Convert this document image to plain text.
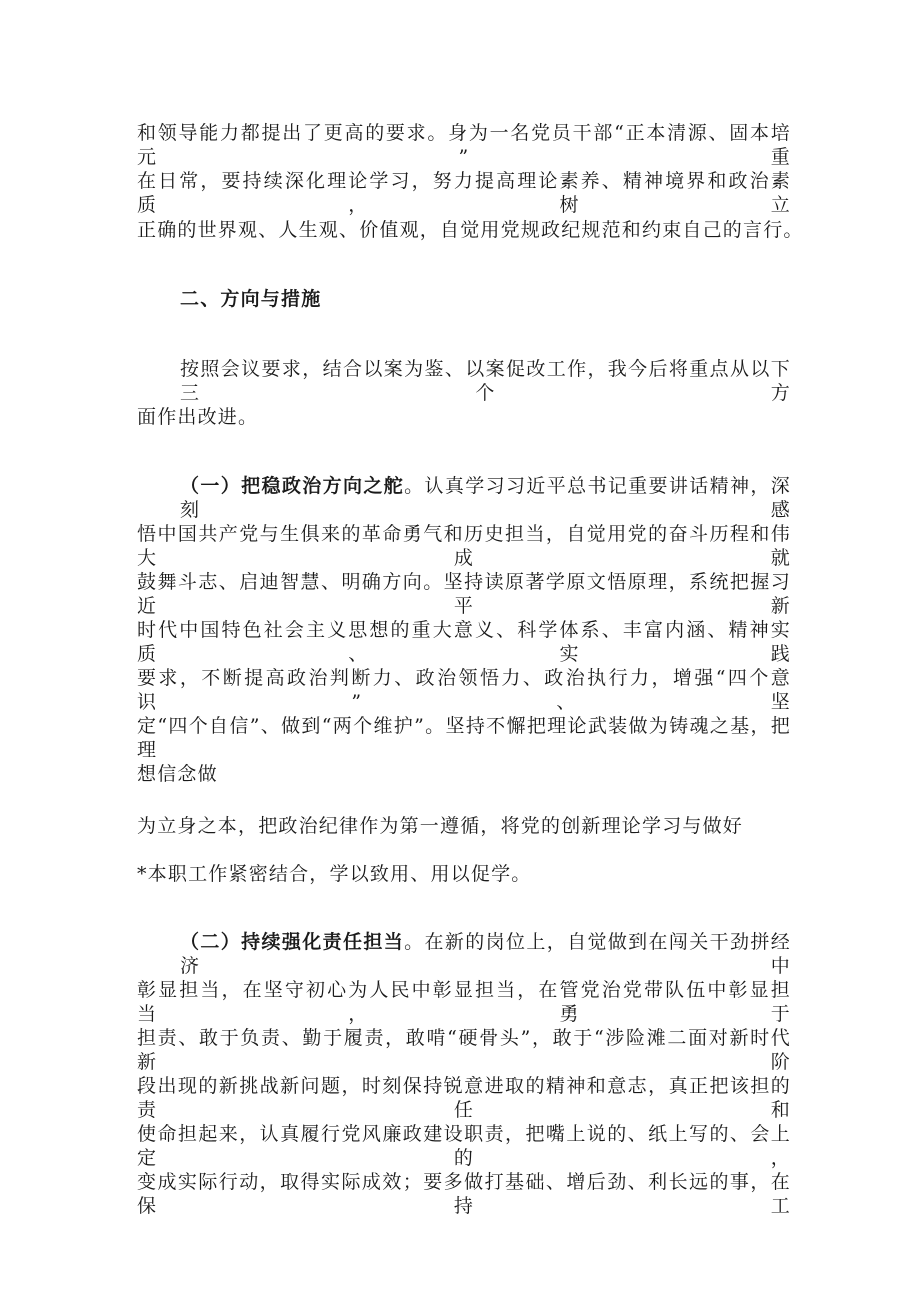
和领导能力都提出了更高的要求。身为一名党员干部“正本清源、固本培元”重
在日常，要持续深化理论学习，努力提高理论素养、精神境界和政治素质，树立
正确的世界观、人生观、价值观，自觉用党规政纪规范和约束自己的言行。
二、方向与措施
按照会议要求，结合以案为鉴、以案促改工作，我今后将重点从以下三个方
面作出改进。
（一）把稳政治方向之舵。认真学习习近平总书记重要讲话精神，深刻感
悟中国共产党与生俱来的革命勇气和历史担当，自觉用党的奋斗历程和伟大成就
鼓舞斗志、启迪智慧、明确方向。坚持读原著学原文悟原理，系统把握习近平新
时代中国特色社会主义思想的重大意义、科学体系、丰富内涵、精神实质、实践
要求，不断提高政治判断力、政治领悟力、政治执行力，增强“四个意识”、坚
定“四个自信”、做到“两个维护”。坚持不懈把理论武装做为铸魂之基，把理
想信念做
为立身之本，把政治纪律作为第一遵循，将党的创新理论学习与做好
*本职工作紧密结合，学以致用、用以促学。
（二）持续强化责任担当。在新的岗位上，自觉做到在闯关干劲拼经济中
彰显担当，在坚守初心为人民中彰显担当，在管党治党带队伍中彰显担当，勇于
担责、敢于负责、勤于履责，敢啃“硬骨头”，敢于“涉险滩二面对新时代新阶
段出现的新挑战新问题，时刻保持锐意进取的精神和意志，真正把该担的责任和
使命担起来，认真履行党风廉政建设职责，把嘴上说的、纸上写的、会上定的，
变成实际行动，取得实际成效；要多做打基础、增后劲、利长远的事，在保持工
